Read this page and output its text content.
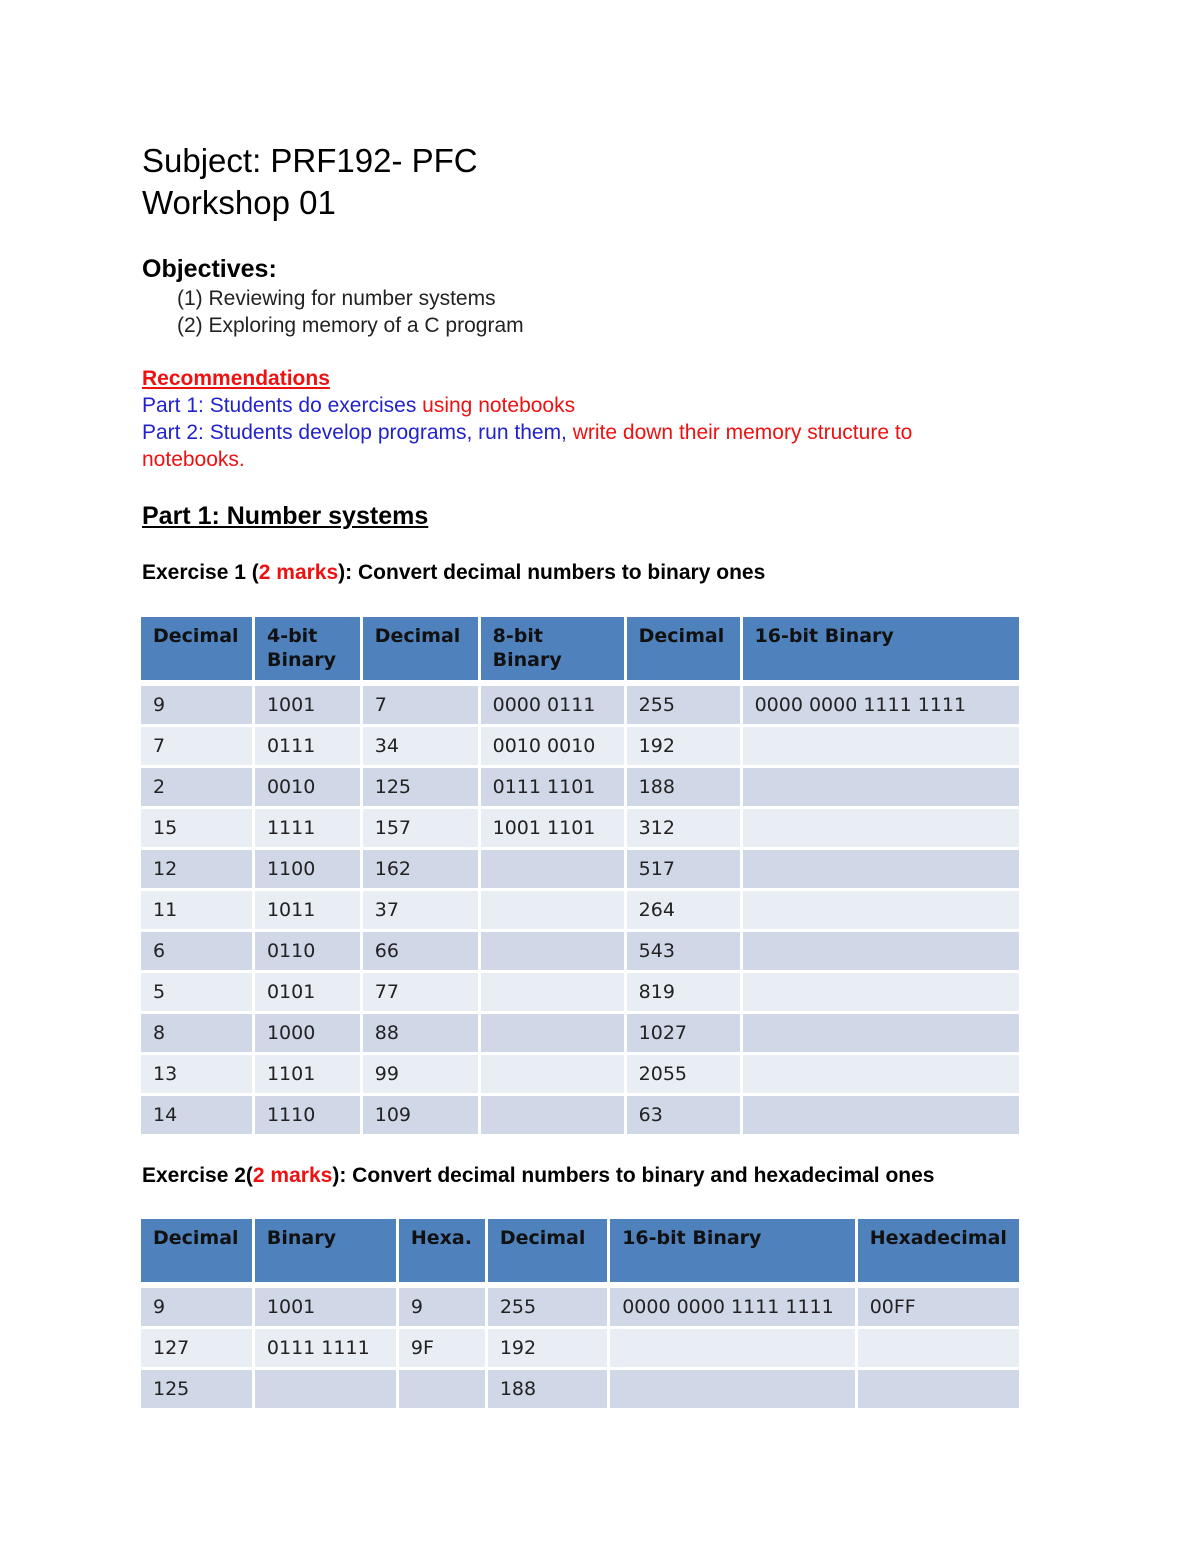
Subject: PRF192- PFC
Workshop 01
Objectives:
(1) Reviewing for number systems
(2) Exploring memory of a C program
Recommendations
Part 1: Students do exercises using notebooks
Part 2: Students develop programs, run them, write down their memory structure to
notebooks.
Part 1: Number systems
Exercise 1 (2 marks): Convert decimal numbers to binary ones
Decimal	4-bit Binary	Decimal	8-bit Binary	Decimal	16-bit Binary
9	1001	7	0000 0111	255	0000 0000 1111 1111
7	0111	34	0010 0010	192	
2	0010	125	0111 1101	188	
15	1111	157	1001 1101	312	
12	1100	162		517	
11	1011	37		264	
6	0110	66		543	
5	0101	77		819	
8	1000	88		1027	
13	1101	99		2055	
14	1110	109		63	
Exercise 2(2 marks): Convert decimal numbers to binary and hexadecimal ones
Decimal	Binary	Hexa.	Decimal	16-bit Binary	Hexadecimal
9	1001	9	255	0000 0000 1111 1111	00FF
127	0111 1111	9F	192		
125			188		
